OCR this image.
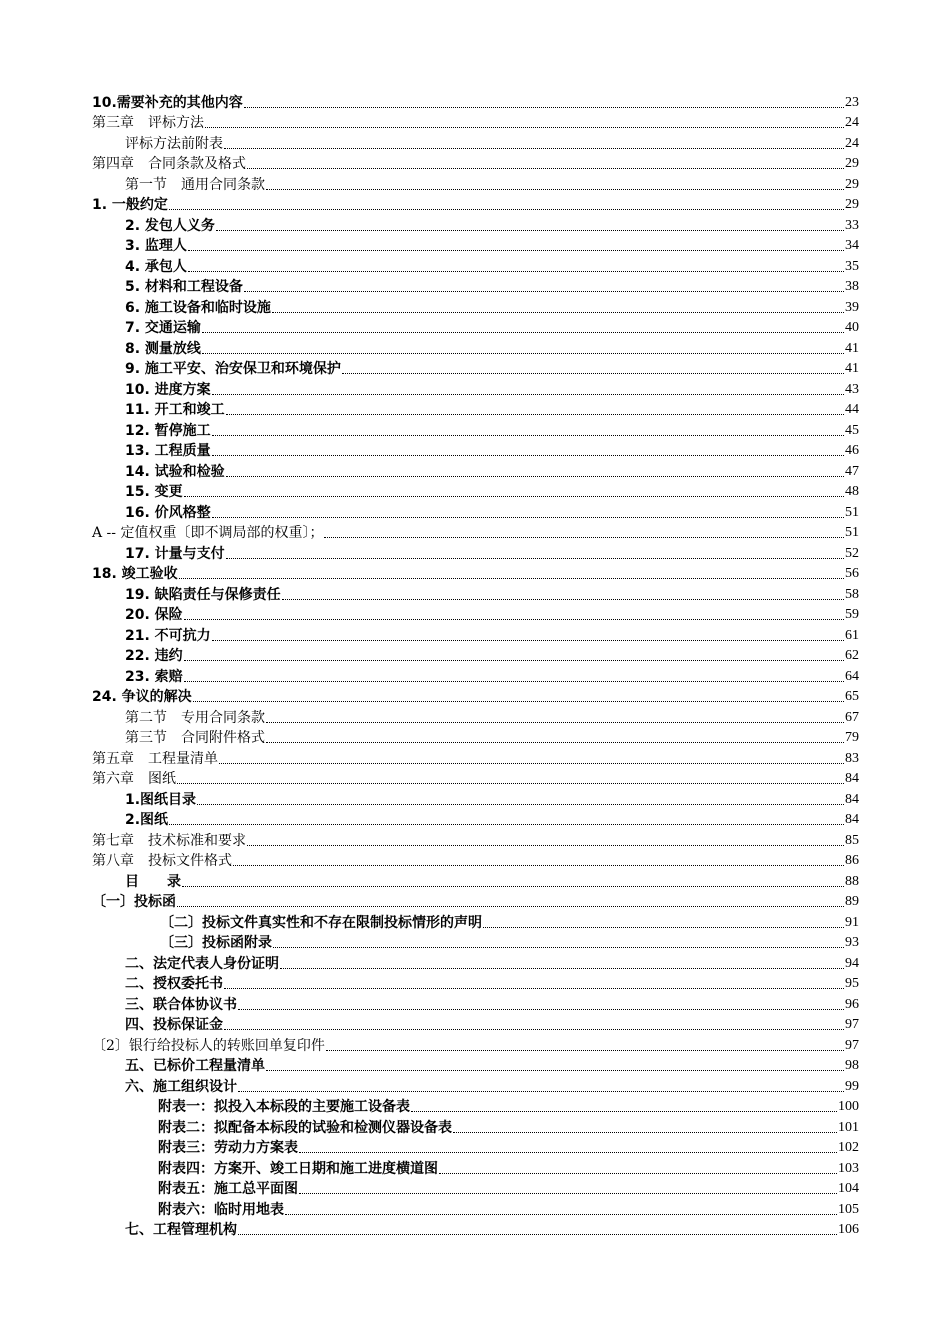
10.需要补充的其他内容	23
第三章　评标方法	24
评标方法前附表	24
第四章　合同条款及格式	29
第一节　通用合同条款	29
1. 一般约定	29
2. 发包人义务	33
3. 监理人	34
4. 承包人	35
5. 材料和工程设备	38
6. 施工设备和临时设施	39
7. 交通运输	40
8. 测量放线	41
9. 施工平安、治安保卫和环境保护	41
10. 进度方案	43
11. 开工和竣工	44
12. 暂停施工	45
13. 工程质量	46
14. 试验和检验	47
15. 变更	48
16. 价风格整	51
A -- 定值权重〔即不调局部的权重〕；	51
17. 计量与支付	52
18. 竣工验收	56
19. 缺陷责任与保修责任	58
20. 保险	59
21. 不可抗力	61
22. 违约	62
23. 索赔	64
24. 争议的解决	65
第二节　专用合同条款	67
第三节　合同附件格式	79
第五章　工程量清单	83
第六章　图纸	84
1.图纸目录	84
2.图纸	84
第七章　技术标准和要求	85
第八章　投标文件格式	86
目　　录	88
〔一〕投标函	89
〔二〕投标文件真实性和不存在限制投标情形的声明	91
〔三〕投标函附录	93
二、法定代表人身份证明	94
二、授权委托书	95
三、联合体协议书	96
四、投标保证金	97
〔2〕银行给投标人的转账回单复印件	97
五、已标价工程量清单	98
六、施工组织设计	99
附表一：拟投入本标段的主要施工设备表	100
附表二：拟配备本标段的试验和检测仪器设备表	101
附表三：劳动力方案表	102
附表四：方案开、竣工日期和施工进度横道图	103
附表五：施工总平面图	104
附表六：临时用地表	105
七、工程管理机构	106
